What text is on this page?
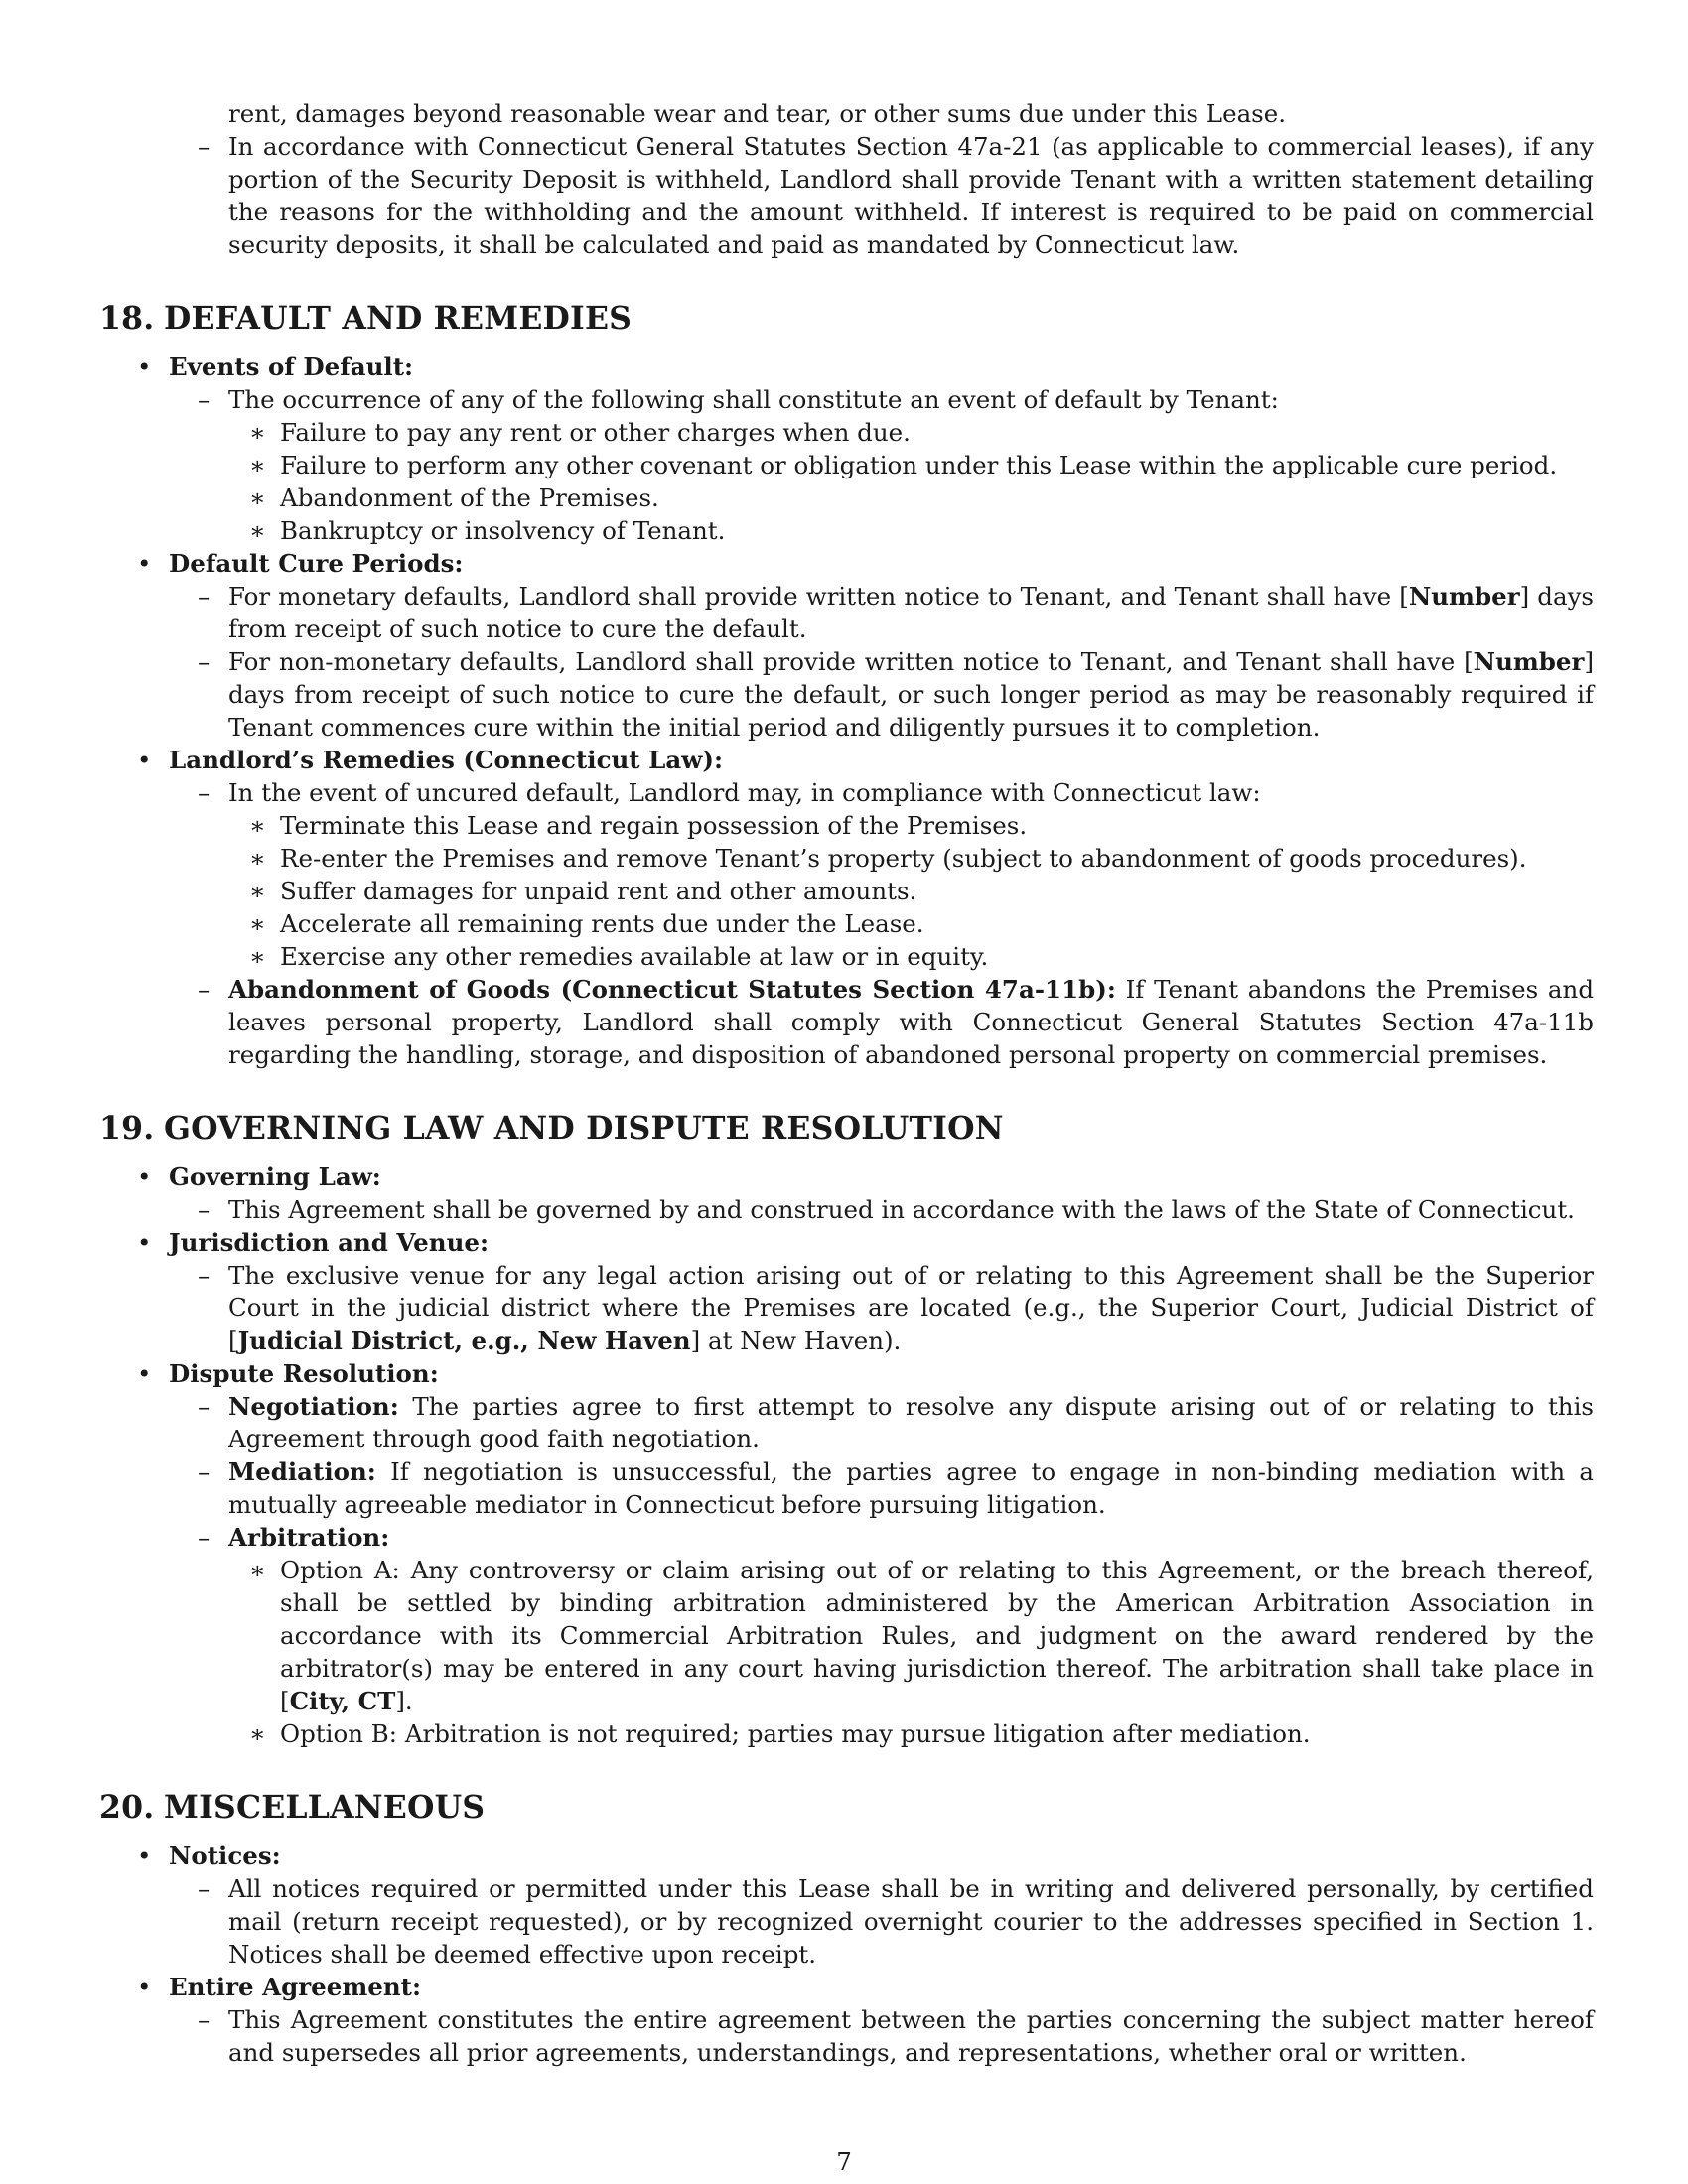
rent, damages beyond reasonable wear and tear, or other sums due under this Lease.
– In accordance with Connecticut General Statutes Section 47a-21 (as applicable to commercial leases), if any portion of the Security Deposit is withheld, Landlord shall provide Tenant with a written statement detailing the reasons for the withholding and the amount withheld. If interest is required to be paid on commercial security deposits, it shall be calculated and paid as mandated by Connecticut law.
18. DEFAULT AND REMEDIES
• Events of Default:
– The occurrence of any of the following shall constitute an event of default by Tenant:
∗ Failure to pay any rent or other charges when due.
∗ Failure to perform any other covenant or obligation under this Lease within the applicable cure period.
∗ Abandonment of the Premises.
∗ Bankruptcy or insolvency of Tenant.
• Default Cure Periods:
– For monetary defaults, Landlord shall provide written notice to Tenant, and Tenant shall have [Number] days from receipt of such notice to cure the default.
– For non-monetary defaults, Landlord shall provide written notice to Tenant, and Tenant shall have [Number] days from receipt of such notice to cure the default, or such longer period as may be reasonably required if Tenant commences cure within the initial period and diligently pursues it to completion.
• Landlord’s Remedies (Connecticut Law):
– In the event of uncured default, Landlord may, in compliance with Connecticut law:
∗ Terminate this Lease and regain possession of the Premises.
∗ Re-enter the Premises and remove Tenant’s property (subject to abandonment of goods procedures).
∗ Suffer damages for unpaid rent and other amounts.
∗ Accelerate all remaining rents due under the Lease.
∗ Exercise any other remedies available at law or in equity.
– Abandonment of Goods (Connecticut Statutes Section 47a-11b): If Tenant abandons the Premises and leaves personal property, Landlord shall comply with Connecticut General Statutes Section 47a-11b regarding the handling, storage, and disposition of abandoned personal property on commercial premises.
19. GOVERNING LAW AND DISPUTE RESOLUTION
• Governing Law:
– This Agreement shall be governed by and construed in accordance with the laws of the State of Connecticut.
• Jurisdiction and Venue:
– The exclusive venue for any legal action arising out of or relating to this Agreement shall be the Superior Court in the judicial district where the Premises are located (e.g., the Superior Court, Judicial District of [Judicial District, e.g., New Haven] at New Haven).
• Dispute Resolution:
– Negotiation: The parties agree to first attempt to resolve any dispute arising out of or relating to this Agreement through good faith negotiation.
– Mediation: If negotiation is unsuccessful, the parties agree to engage in non-binding mediation with a mutually agreeable mediator in Connecticut before pursuing litigation.
– Arbitration:
∗ Option A: Any controversy or claim arising out of or relating to this Agreement, or the breach thereof, shall be settled by binding arbitration administered by the American Arbitration Association in accordance with its Commercial Arbitration Rules, and judgment on the award rendered by the arbitrator(s) may be entered in any court having jurisdiction thereof. The arbitration shall take place in [City, CT].
∗ Option B: Arbitration is not required; parties may pursue litigation after mediation.
20. MISCELLANEOUS
• Notices:
– All notices required or permitted under this Lease shall be in writing and delivered personally, by certified mail (return receipt requested), or by recognized overnight courier to the addresses specified in Section 1. Notices shall be deemed effective upon receipt.
• Entire Agreement:
– This Agreement constitutes the entire agreement between the parties concerning the subject matter hereof and supersedes all prior agreements, understandings, and representations, whether oral or written.
7
